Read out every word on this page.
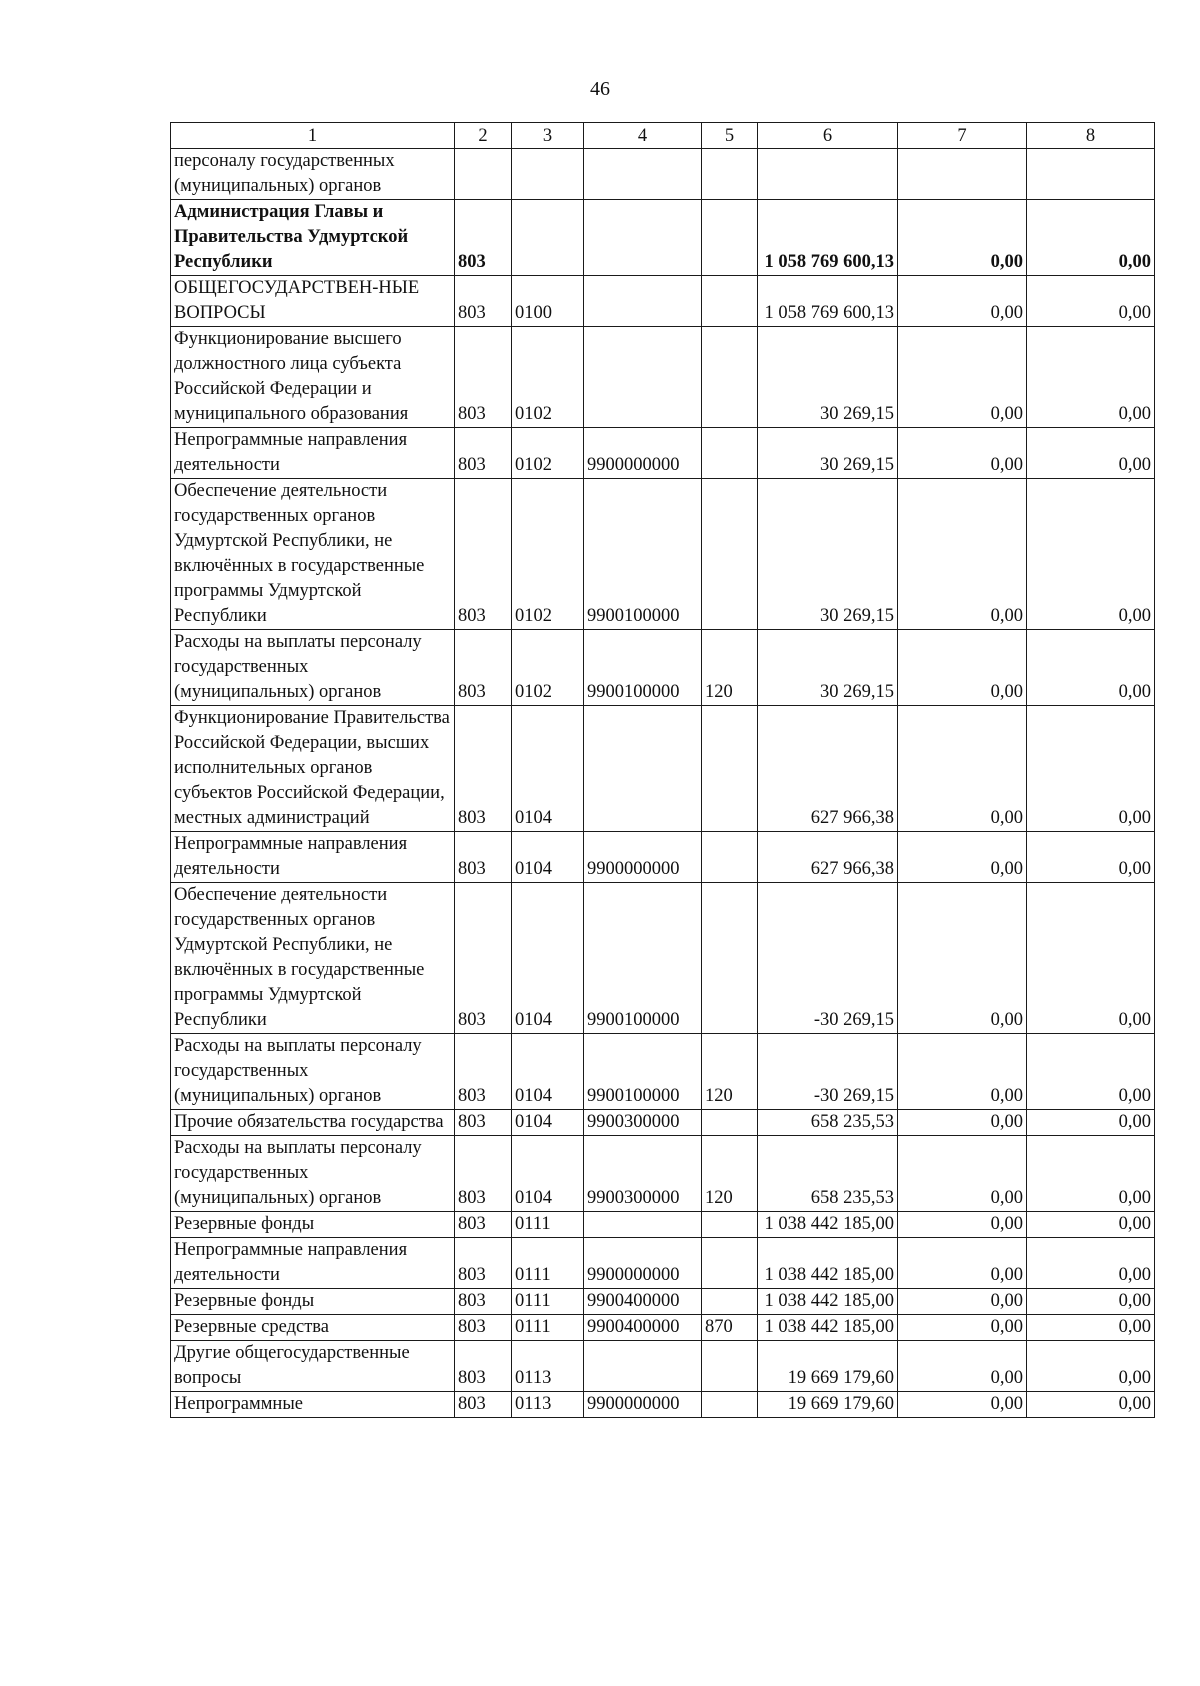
46
1	2	3	4	5	6	7	8
персоналу государственных (муниципальных) органов							
Администрация Главы и Правительства Удмуртской Республики	803				1 058 769 600,13	0,00	0,00
ОБЩЕГОСУДАРСТВЕН-НЫЕ ВОПРОСЫ	803	0100			1 058 769 600,13	0,00	0,00
Функционирование высшего должностного лица субъекта Российской Федерации и муниципального образования	803	0102			30 269,15	0,00	0,00
Непрограммные направления деятельности	803	0102	9900000000		30 269,15	0,00	0,00
Обеспечение деятельности государственных органов Удмуртской Республики, не включённых в государственные программы Удмуртской Республики	803	0102	9900100000		30 269,15	0,00	0,00
Расходы на выплаты персоналу государственных (муниципальных) органов	803	0102	9900100000	120	30 269,15	0,00	0,00
Функционирование Правительства Российской Федерации, высших исполнительных органов субъектов Российской Федерации, местных администраций	803	0104			627 966,38	0,00	0,00
Непрограммные направления деятельности	803	0104	9900000000		627 966,38	0,00	0,00
Обеспечение деятельности государственных органов Удмуртской Республики, не включённых в государственные программы Удмуртской Республики	803	0104	9900100000		-30 269,15	0,00	0,00
Расходы на выплаты персоналу государственных (муниципальных) органов	803	0104	9900100000	120	-30 269,15	0,00	0,00
Прочие обязательства государства	803	0104	9900300000		658 235,53	0,00	0,00
Расходы на выплаты персоналу государственных (муниципальных) органов	803	0104	9900300000	120	658 235,53	0,00	0,00
Резервные фонды	803	0111			1 038 442 185,00	0,00	0,00
Непрограммные направления деятельности	803	0111	9900000000		1 038 442 185,00	0,00	0,00
Резервные фонды	803	0111	9900400000		1 038 442 185,00	0,00	0,00
Резервные средства	803	0111	9900400000	870	1 038 442 185,00	0,00	0,00
Другие общегосударственные вопросы	803	0113			19 669 179,60	0,00	0,00
Непрограммные	803	0113	9900000000		19 669 179,60	0,00	0,00
